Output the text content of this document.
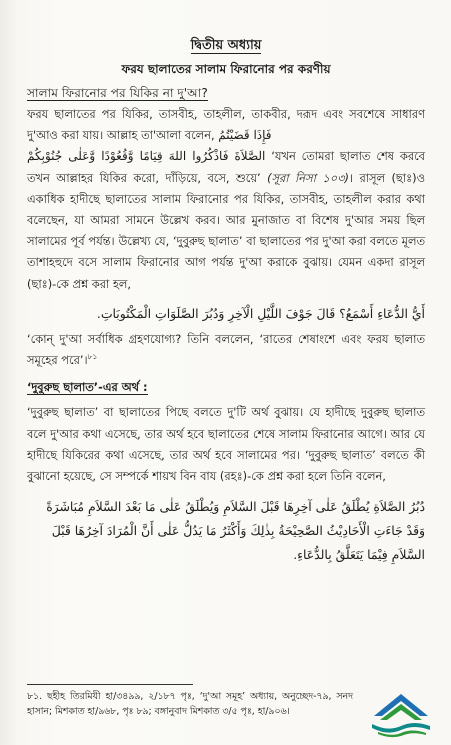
দ্বিতীয় অধ্যায়
ফরয ছালাতের সালাম ফিরানোর পর করণীয়
সালাম ফিরানোর পর যিকির না দু'আ?

ফরয ছালাতের পর যিকির, তাসবীহ, তাহলীল, তাকবীর, দরূদ এবং সবশেষে সাধারণ দু'আও করা যায়। আল্লাহ তা'আলা বলেন, فَإِذَا قَضَيْتُمُ

الصَّلاَةَ فَاذْكُرُوا اللهَ قِيَامًا وَّقُعُوْدًا وَّعَلٰى جُنُوْبِكُمْ ‘যখন তোমরা ছালাত শেষ করবে তখন আল্লাহর যিকির করো, দাঁড়িয়ে, বসে, শুয়ে’ (সূরা নিসা ১০৩)। রাসূল (ছাঃ)ও একাধিক হাদীছে ছালাতের সালাম ফিরানোর পর যিকির, তাসবীহ, তাহলীল করার কথা বলেছেন, যা আমরা সামনে উল্লেখ করব। আর মুনাজাত বা বিশেষ দু'আর সময় ছিল সালামের পূর্ব পর্যন্ত। উল্লেখ্য যে, ‘দুবুরুছ ছালাত’ বা ছালাতের পর দু'আ করা বলতে মূলত তাশাহহুদে বসে সালাম ফিরানোর আগ পর্যন্ত দু'আ করাকে বুঝায়। যেমন একদা রাসূল (ছাঃ)-কে প্রশ্ন করা হল,

أَيُّ الدُّعَاءِ أَسْمَعُ؟ قَالَ جَوْفَ اللَّيْلِ الْآخِرِ وَدُبُرَ الصَّلَوَاتِ الْمَكْتُوبَاتِ.

‘কোন্ দু'আ সর্বাধিক গ্রহণযোগ্য? তিনি বললেন, ‘রাতের শেষাংশে এবং ফরয ছালাত সমূহের পরে’।$^{৮১}$

‘দুবুরুছ ছালাত’-এর অর্থ :

‘দুবুরুছ ছালাত’ বা ছালাতের পিছে বলতে দু'টি অর্থ বুঝায়। যে হাদীছে দুবুরুছ ছালাত বলে দু'আর কথা এসেছে, তার অর্থ হবে ছালাতের শেষে সালাম ফিরানোর আগে। আর যে হাদীছে যিকিরের কথা এসেছে, তার অর্থ হবে সালামের পর। ‘দুবুরুছ ছালাত’ বলতে কী বুঝানো হয়েছে, সে সম্পর্কে শায়খ বিন বায (রহঃ)-কে প্রশ্ন করা হলে তিনি বলেন,

دُبُرُ الصَّلاَةِ يُطْلَقُ عَلٰى آخِرِهَا قَبْلَ السَّلاَمِ وَيُطْلَقُ عَلٰى مَا بَعْدَ السَّلاَمِ مُبَاشَرَةً وَقَدْ جَاءَتِ الْأَحَادِيْثُ الصَّحِيْحَةُ بِذٰلِكَ وَأَكْثَرُ مَا يَدُلُّ عَلٰى أَنَّ الْمُرَادَ آخِرُهَا قَبْلَ السَّلاَمِ فِيْمَا يَتَعَلَّقُ بِالدُّعَاءِ.
৮১. ছহীহ তিরমিযী হা/৩৪৯৯, ২/১৮৭ পৃঃ, ‘দু'আ সমূহ’ অধ্যায়, অনুচ্ছেদ-৭৯, সনদ হাসান; মিশকাত হা/৯৬৮, পৃঃ ৮৯; বঙ্গানুবাদ মিশকাত ৩/৫ পৃঃ, হা/৯০৬।
